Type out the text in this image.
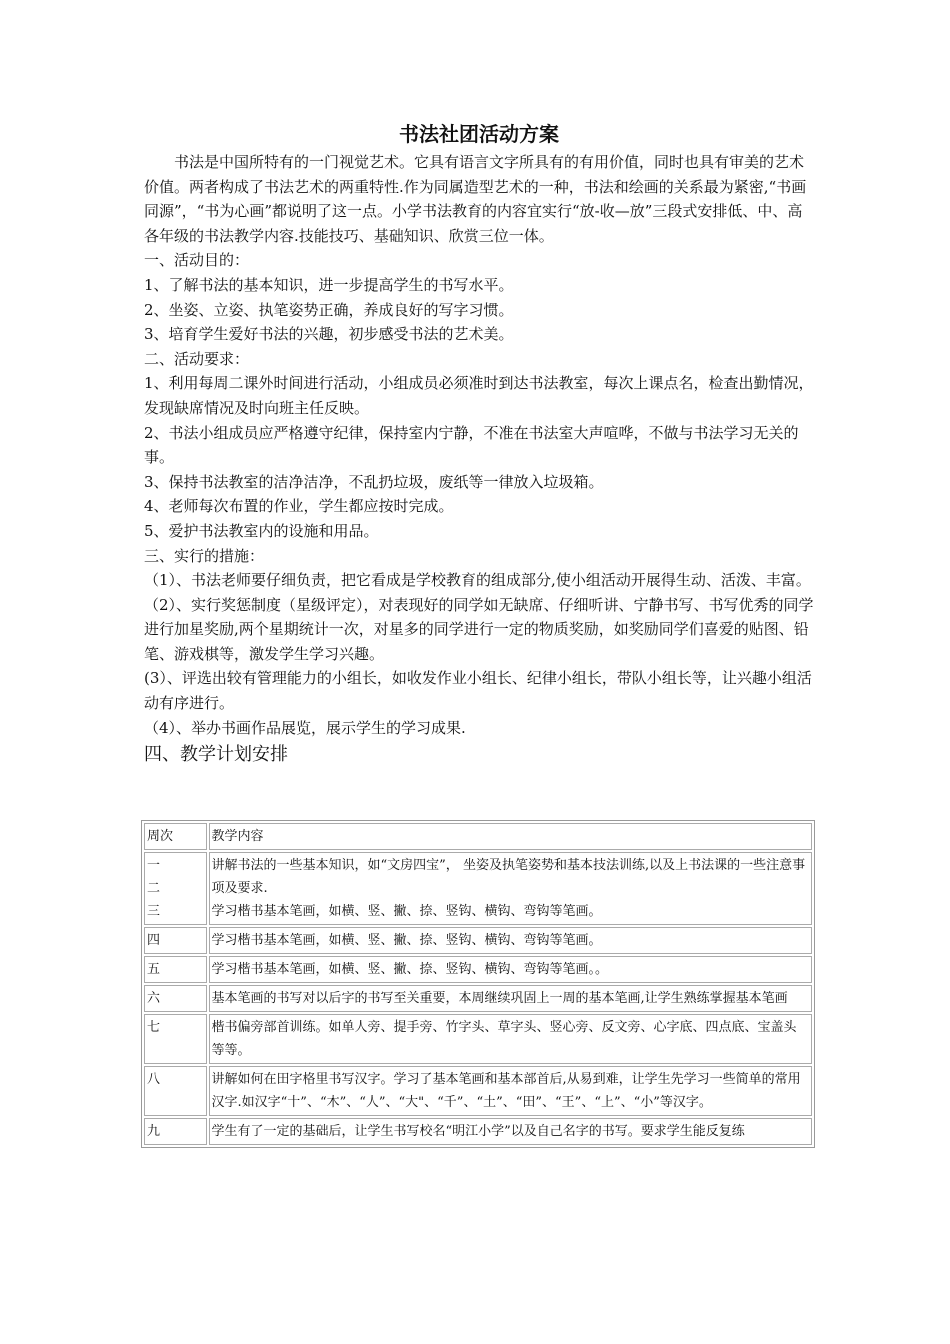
书法社团活动方案

书法是中国所特有的一门视觉艺术。它具有语言文字所具有的有用价值，同时也具有审美的艺术价值。两者构成了书法艺术的两重特性.作为同属造型艺术的一种，书法和绘画的关系最为紧密,“书画同源”，“书为心画”都说明了这一点。小学书法教育的内容宜实行“放-收—放”三段式安排低、中、高各年级的书法教学内容.技能技巧、基础知识、欣赏三位一体。

一、活动目的：

1、了解书法的基本知识，进一步提高学生的书写水平。

2、坐姿、立姿、执笔姿势正确，养成良好的写字习惯。

3、培育学生爱好书法的兴趣，初步感受书法的艺术美。

二、活动要求：

1、利用每周二课外时间进行活动，小组成员必须准时到达书法教室，每次上课点名，检查出勤情况，发现缺席情况及时向班主任反映。

2、书法小组成员应严格遵守纪律，保持室内宁静，不准在书法室大声喧哗，不做与书法学习无关的事。

3、保持书法教室的洁净洁净，不乱扔垃圾，废纸等一律放入垃圾箱。

4、老师每次布置的作业，学生都应按时完成。

5、爱护书法教室内的设施和用品。

三、实行的措施：

（1）、书法老师要仔细负责，把它看成是学校教育的组成部分,使小组活动开展得生动、活泼、丰富。

（2）、实行奖惩制度（星级评定），对表现好的同学如无缺席、仔细听讲、宁静书写、书写优秀的同学进行加星奖励,两个星期统计一次，对星多的同学进行一定的物质奖励，如奖励同学们喜爱的贴图、铅笔、游戏棋等，激发学生学习兴趣。

(3）、评选出较有管理能力的小组长，如收发作业小组长、纪律小组长，带队小组长等，让兴趣小组活动有序进行。

（4）、举办书画作品展览，展示学生的学习成果.

四、教学计划安排

周次	教学内容

一
二
三	讲解书法的一些基本知识，如“文房四宝”， 坐姿及执笔姿势和基本技法训练,以及上书法课的一些注意事项及要求.
学习楷书基本笔画，如横、竖、撇、捺、竖钩、横钩、弯钩等笔画。

四	学习楷书基本笔画，如横、竖、撇、捺、竖钩、横钩、弯钩等笔画。
五	学习楷书基本笔画，如横、竖、撇、捺、竖钩、横钩、弯钩等笔画。。
六	基本笔画的书写对以后字的书写至关重要，本周继续巩固上一周的基本笔画,让学生熟练掌握基本笔画
七	楷书偏旁部首训练。如单人旁、提手旁、竹字头、草字头、竖心旁、反文旁、心字底、四点底、宝盖头等等。
八	讲解如何在田字格里书写汉字。学习了基本笔画和基本部首后,从易到难，让学生先学习一些简单的常用汉字.如汉字“十”、“木”、“人”、“大"、“千”、“土”、“田”、“王”、“上”、“小”等汉字。
九	学生有了一定的基础后，让学生书写校名“明江小学”以及自己名字的书写。要求学生能反复练
